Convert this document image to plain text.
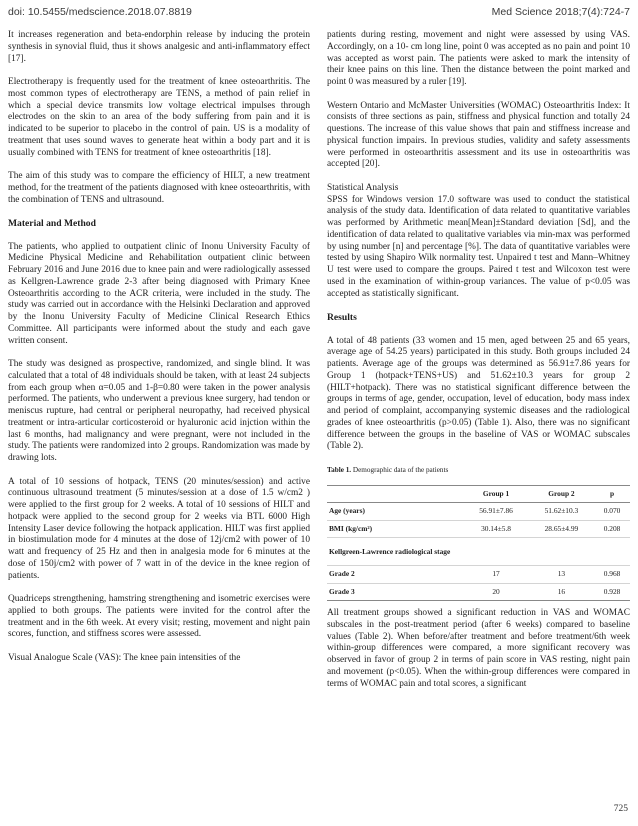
doi: 10.5455/medscience.2018.07.8819	Med Science 2018;7(4):724-7

It increases regeneration and beta-endorphin release by inducing the protein synthesis in synovial fluid, thus it shows analgesic and anti-inflammatory effect [17].

Electrotherapy is frequently used for the treatment of knee osteoarthritis. The most common types of electrotherapy are TENS, a method of pain relief in which a special device transmits low voltage electrical impulses through electrodes on the skin to an area of the body suffering from pain and it is indicated to be superior to placebo in the control of pain. US is a modality of treatment that uses sound waves to generate heat within a body part and it is usually combined with TENS for treatment of knee osteoarthritis [18].

The aim of this study was to compare the efficiency of HILT, a new treatment method, for the treatment of the patients diagnosed with knee osteoarthritis, with the combination of TENS and ultrasound.

Material and Method

The patients, who applied to outpatient clinic of Inonu University Faculty of Medicine Physical Medicine and Rehabilitation outpatient clinic between February 2016 and June 2016 due to knee pain and were radiologically assessed as Kellgren-Lawrence grade 2-3 after being diagnosed with Primary Knee Osteoarthritis according to the ACR criteria, were included in the study. The study was carried out in accordance with the Helsinki Declaration and approved by the Inonu University Faculty of Medicine Clinical Research Ethics Committee. All participants were informed about the study and each gave written consent.

The study was designed as prospective, randomized, and single blind. It was calculated that a total of 48 individuals should be taken, with at least 24 subjects from each group when α=0.05 and 1-β=0.80 were taken in the power analysis performed. The patients, who underwent a previous knee surgery, had tendon or meniscus rupture, had central or peripheral neuropathy, had received physical treatment or intra-articular corticosteroid or hyaluronic acid injction within the last 6 months, had malignancy and were pregnant, were not included in the study. The patients were randomized into 2 groups. Randomization was made by drawing lots.

A total of 10 sessions of hotpack, TENS (20 minutes/session) and active continuous ultrasound treatment (5 minutes/session at a dose of 1.5 w/cm2 ) were applied to the first group for 2 weeks. A total of 10 sessions of HILT and hotpack were applied to the second group for 2 weeks via BTL 6000 High Intensity Laser device following the hotpack application. HILT was first applied in biostimulation mode for 4 minutes at the dose of 12j/cm2 with power of 10 watt and frequency of 25 Hz and then in analgesia mode for 6 minutes at the dose of 150j/cm2 with power of 7 watt in of the device in the knee region of patients.

Quadriceps strengthening, hamstring strengthening and isometric exercises were applied to both groups. The patients were invited for the control after the treatment and in the 6th week. At every visit; resting, movement and night pain scores, function, and stiffness scores were assessed.

Visual Analogue Scale (VAS): The knee pain intensities of the

patients during resting, movement and night were assessed by using VAS. Accordingly, on a 10- cm long line, point 0 was accepted as no pain and point 10 was accepted as worst pain. The patients were asked to mark the intensity of their knee pains on this line. Then the distance between the point marked and point 0 was measured by a ruler [19].

Western Ontario and McMaster Universities (WOMAC) Osteoarthritis Index: It consists of three sections as pain, stiffness and physical function and totally 24 questions. The increase of this value shows that pain and stiffness increase and physical function impairs. In previous studies, validity and safety assessments were performed in osteoarthritis assessment and its use in osteoarthritis was accepted [20].

Statistical Analysis

SPSS for Windows version 17.0 software was used to conduct the statistical analysis of the study data. Identification of data related to quantitative variables was performed by Arithmetic mean[Mean]±Standard deviation [Sd], and the identification of data related to qualitative variables via min-max was performed by using number [n] and percentage [%]. The data of quantitative variables were tested by using Shapiro Wilk normality test. Unpaired t test and Mann–Whitney U test were used to compare the groups. Paired t test and Wilcoxon test were used in the examination of within-group variances. The value of p<0.05 was accepted as statistically significant.

Results

A total of 48 patients (33 women and 15 men, aged between 25 and 65 years, average age of 54.25 years) participated in this study. Both groups included 24 patients. Average age of the groups was determined as 56.91±7.86 years for Group 1 (hotpack+TENS+US) and 51.62±10.3 years for group 2 (HILT+hotpack). There was no statistical significant difference between the groups in terms of age, gender, occupation, level of education, body mass index and period of complaint, accompanying systemic diseases and the radiological grades of knee osteoarthritis (p>0.05) (Table 1). Also, there was no significant difference between the groups in the baseline of VAS or WOMAC subscales (Table 2).

Table 1. Demographic data of the patients
	Group 1	Group 2	p
Age (years)	56.91±7.86	51.62±10.3	0.070
BMI (kg/cm²)	30.14±5.8	28.65±4.99	0.208
Kellgreen-Lawrence radiological stage			
Grade 2	17	13	0.968
Grade 3	20	16	0.928

All treatment groups showed a significant reduction in VAS and WOMAC subscales in the post-treatment period (after 6 weeks) compared to baseline values (Table 2). When before/after treatment and before treatment/6th week within-group differences were compared, a more significant recovery was observed in favor of group 2 in terms of pain score in VAS resting, night pain and movement (p<0.05). When the within-group differences were compared in terms of WOMAC pain and total scores, a significant

725
